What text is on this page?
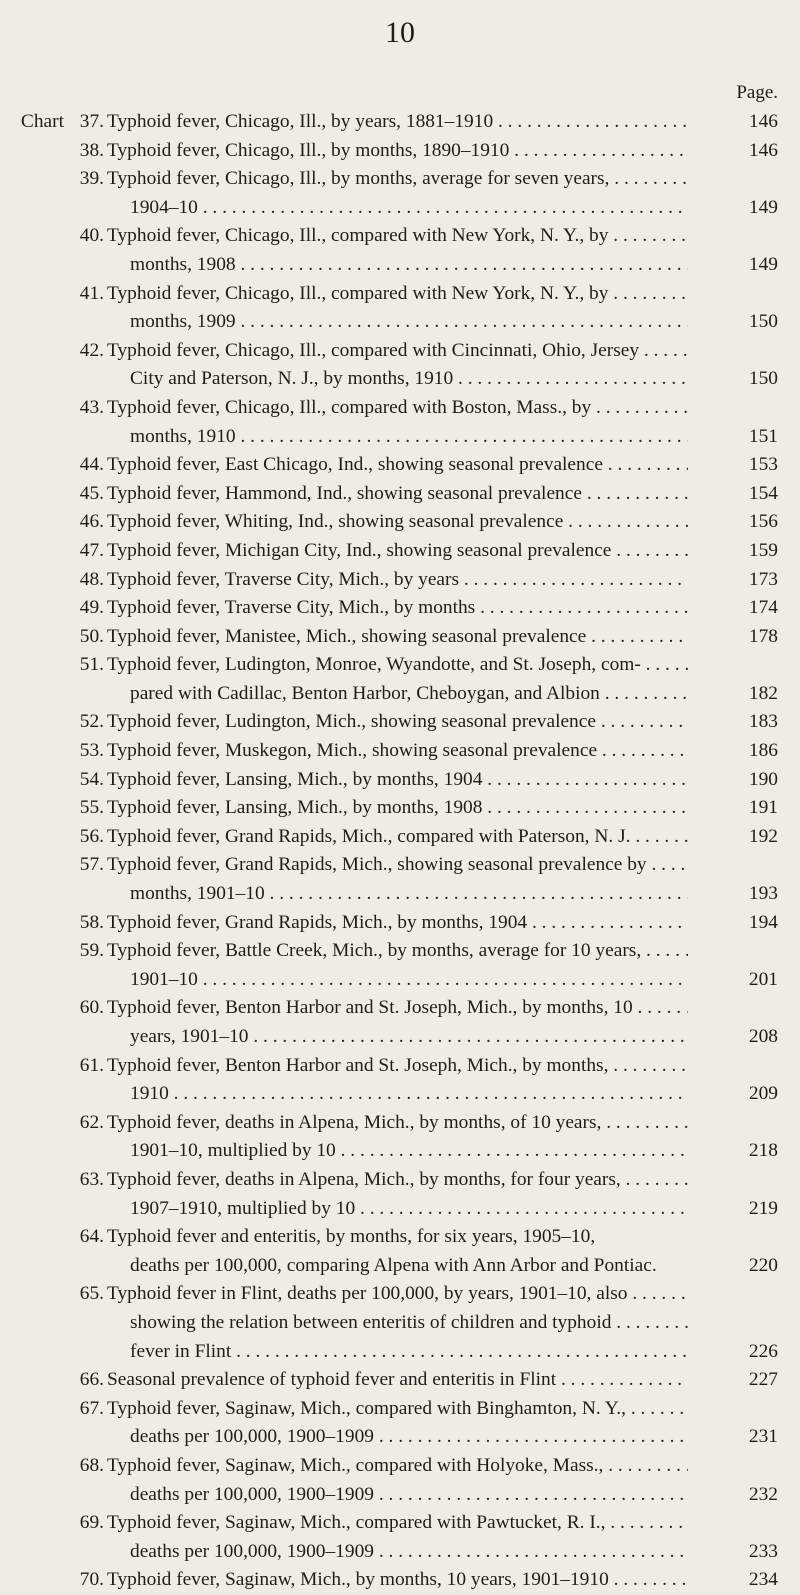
10
Page.
Chart 37. Typhoid fever, Chicago, Ill., by years, 1881–1910 . . .	146
38. Typhoid fever, Chicago, Ill., by months, 1890–1910 . . .	146
39. Typhoid fever, Chicago, Ill., by months, average for seven years, . . .
1904–10 . . .	149
40. Typhoid fever, Chicago, Ill., compared with New York, N. Y., by . . .
months, 1908 . . .	149
41. Typhoid fever, Chicago, Ill., compared with New York, N. Y., by . . .
months, 1909 . . .	150
42. Typhoid fever, Chicago, Ill., compared with Cincinnati, Ohio, Jersey . . .
City and Paterson, N. J., by months, 1910 . . .	150
43. Typhoid fever, Chicago, Ill., compared with Boston, Mass., by . . .
months, 1910 . . .	151
44. Typhoid fever, East Chicago, Ind., showing seasonal prevalence . . .	153
45. Typhoid fever, Hammond, Ind., showing seasonal prevalence . . .	154
46. Typhoid fever, Whiting, Ind., showing seasonal prevalence . . .	156
47. Typhoid fever, Michigan City, Ind., showing seasonal prevalence . . .	159
48. Typhoid fever, Traverse City, Mich., by years . . .	173
49. Typhoid fever, Traverse City, Mich., by months . . .	174
50. Typhoid fever, Manistee, Mich., showing seasonal prevalence . . .	178
51. Typhoid fever, Ludington, Monroe, Wyandotte, and St. Joseph, com- . . .
pared with Cadillac, Benton Harbor, Cheboygan, and Albion . . .	182
52. Typhoid fever, Ludington, Mich., showing seasonal prevalence . . .	183
53. Typhoid fever, Muskegon, Mich., showing seasonal prevalence . . .	186
54. Typhoid fever, Lansing, Mich., by months, 1904 . . .	190
55. Typhoid fever, Lansing, Mich., by months, 1908 . . .	191
56. Typhoid fever, Grand Rapids, Mich., compared with Paterson, N. J. . . .	192
57. Typhoid fever, Grand Rapids, Mich., showing seasonal prevalence by . . .
months, 1901–10 . . .	193
58. Typhoid fever, Grand Rapids, Mich., by months, 1904 . . .	194
59. Typhoid fever, Battle Creek, Mich., by months, average for 10 years, . . .
1901–10 . . .	201
60. Typhoid fever, Benton Harbor and St. Joseph, Mich., by months, 10 . . .
years, 1901–10 . . .	208
61. Typhoid fever, Benton Harbor and St. Joseph, Mich., by months, . . .
1910 . . .	209
62. Typhoid fever, deaths in Alpena, Mich., by months, of 10 years, . . .
1901–10, multiplied by 10 . . .	218
63. Typhoid fever, deaths in Alpena, Mich., by months, for four years, . . .
1907–1910, multiplied by 10 . . .	219
64. Typhoid fever and enteritis, by months, for six years, 1905–10,
deaths per 100,000, comparing Alpena with Ann Arbor and Pontiac.	220
65. Typhoid fever in Flint, deaths per 100,000, by years, 1901–10, also . . .
showing the relation between enteritis of children and typhoid . . .
fever in Flint . . .	226
66. Seasonal prevalence of typhoid fever and enteritis in Flint . . .	227
67. Typhoid fever, Saginaw, Mich., compared with Binghamton, N. Y., . . .
deaths per 100,000, 1900–1909 . . .	231
68. Typhoid fever, Saginaw, Mich., compared with Holyoke, Mass., . . .
deaths per 100,000, 1900–1909 . . .	232
69. Typhoid fever, Saginaw, Mich., compared with Pawtucket, R. I., . . .
deaths per 100,000, 1900–1909 . . .	233
70. Typhoid fever, Saginaw, Mich., by months, 10 years, 1901–1910 . . .	234
